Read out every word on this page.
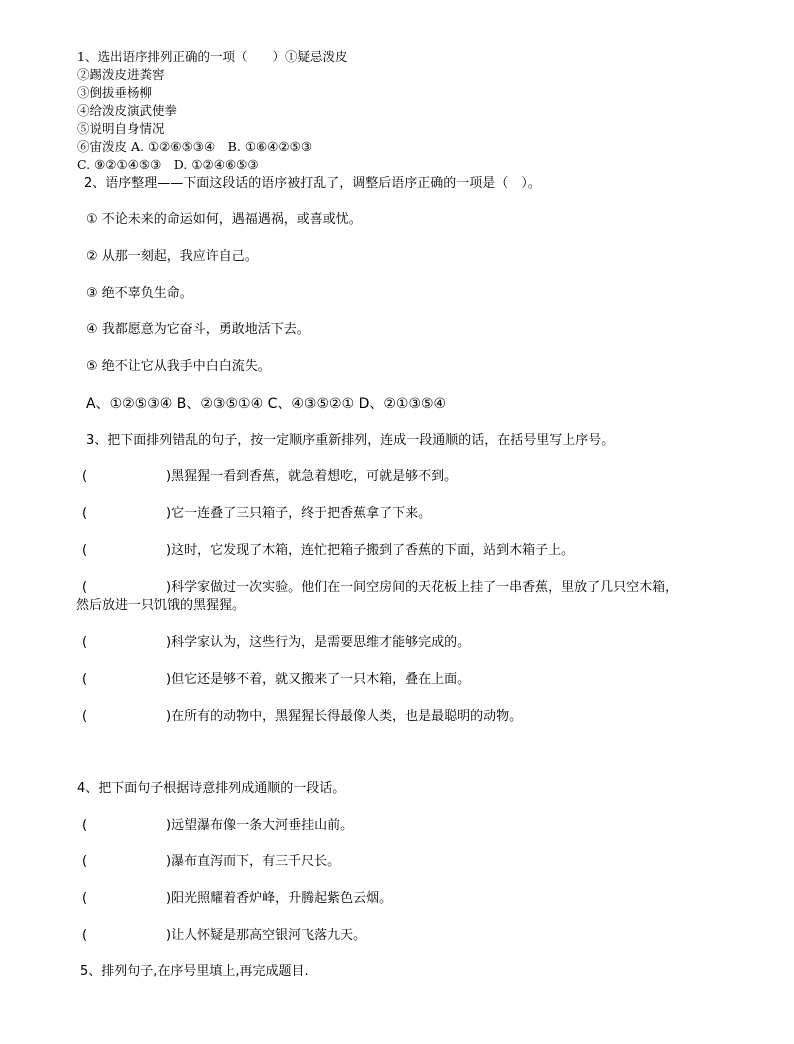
1、选出语序排列正确的一项（　　）①疑忌泼皮
②踢泼皮进粪窖
③倒拔垂杨柳
④给泼皮演武使拳
⑤说明自身情况
⑥宙泼皮 A. ①②⑥⑤③④　B. ①⑥④②⑤③
C. ⑨②①④⑤③　D. ①②④⑥⑤③
2、语序整理——下面这段话的语序被打乱了，调整后语序正确的一项是（　）。
① 不论未来的命运如何，遇福遇祸，或喜或忧。
② 从那一刻起，我应许自己。
③ 绝不辜负生命。
④ 我都愿意为它奋斗，勇敢地活下去。
⑤ 绝不让它从我手中白白流失。
A、①②⑤③④ B、②③⑤①④ C、④③⑤②① D、②①③⑤④
3、把下面排列错乱的句子，按一定顺序重新排列，连成一段通顺的话，在括号里写上序号。
(	)黑猩猩一看到香蕉，就急着想吃，可就是够不到。
(	)它一连叠了三只箱子，终于把香蕉拿了下来。
(	)这时，它发现了木箱，连忙把箱子搬到了香蕉的下面，站到木箱子上。
(	)科学家做过一次实验。他们在一间空房间的天花板上挂了一串香蕉，里放了几只空木箱，
然后放进一只饥饿的黑猩猩。
(	)科学家认为，这些行为，是需要思维才能够完成的。
(	)但它还是够不着，就又搬来了一只木箱，叠在上面。
(	)在所有的动物中，黑猩猩长得最像人类，也是最聪明的动物。
4、把下面句子根据诗意排列成通顺的一段话。
(	)远望瀑布像一条大河垂挂山前。
(	)瀑布直泻而下，有三千尺长。
(	)阳光照耀着香炉峰，升腾起紫色云烟。
(	)让人怀疑是那高空银河飞落九天。
5、排列句子,在序号里填上,再完成题目.
